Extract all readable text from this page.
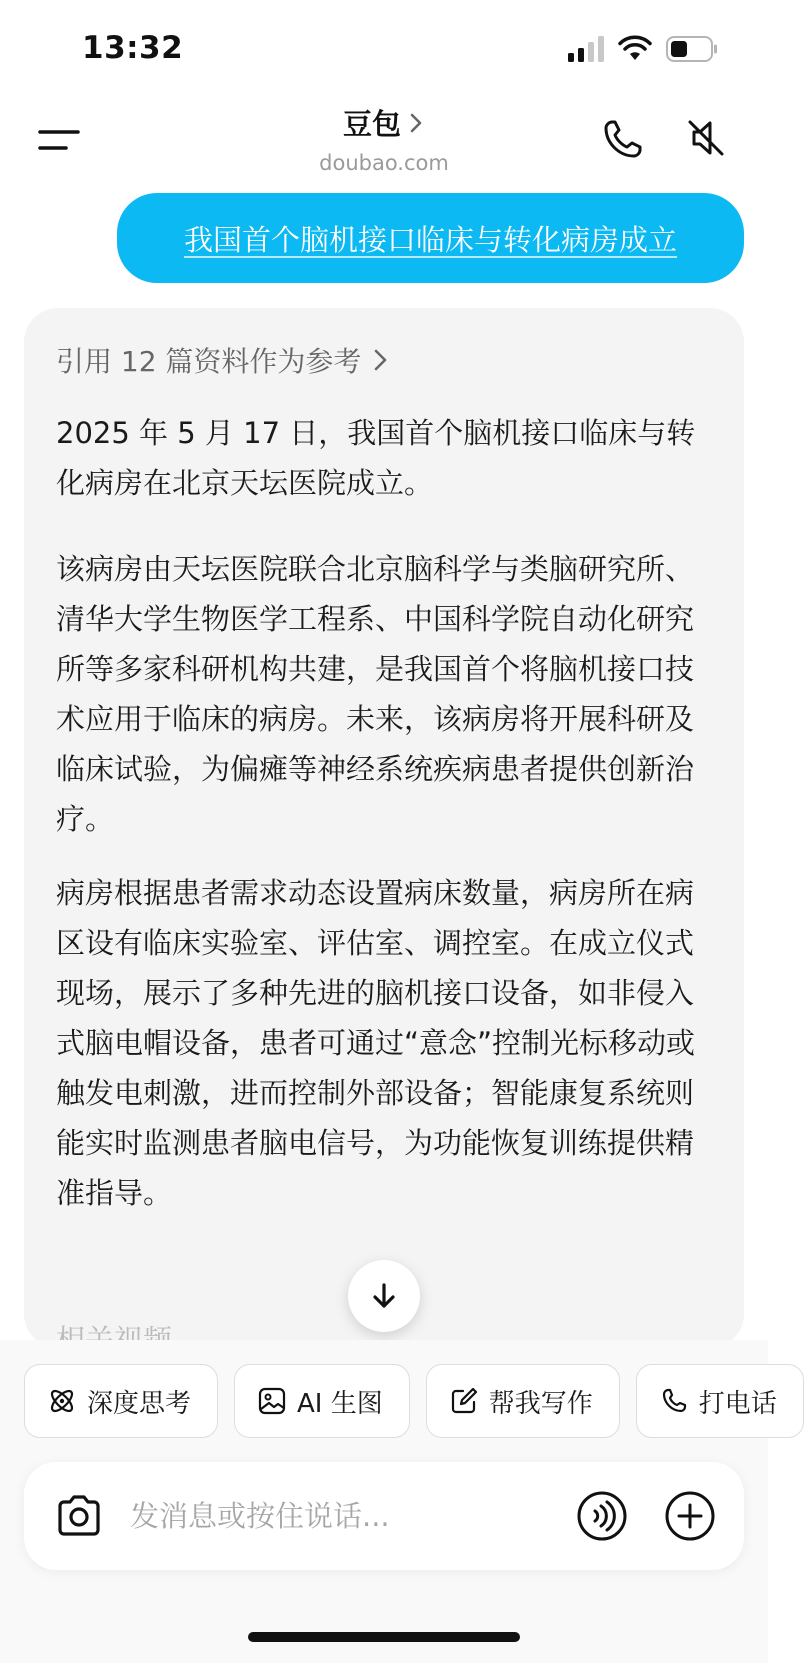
13:32
豆包
doubao.com
我国首个脑机接口临床与转化病房成立
引用 12 篇资料作为参考
2025 年 5 月 17 日，我国首个脑机接口临床与转化病房在北京天坛医院成立。
该病房由天坛医院联合北京脑科学与类脑研究所、清华大学生物医学工程系、中国科学院自动化研究所等多家科研机构共建，是我国首个将脑机接口技术应用于临床的病房。未来，该病房将开展科研及临床试验，为偏瘫等神经系统疾病患者提供创新治疗。
病房根据患者需求动态设置病床数量，病房所在病区设有临床实验室、评估室、调控室。在成立仪式现场，展示了多种先进的脑机接口设备，如非侵入式脑电帽设备，患者可通过“意念”控制光标移动或触发电刺激，进而控制外部设备；智能康复系统则能实时监测患者脑电信号，为功能恢复训练提供精准指导。
深度思考	AI 生图	帮我写作	打电话
发消息或按住说话...
